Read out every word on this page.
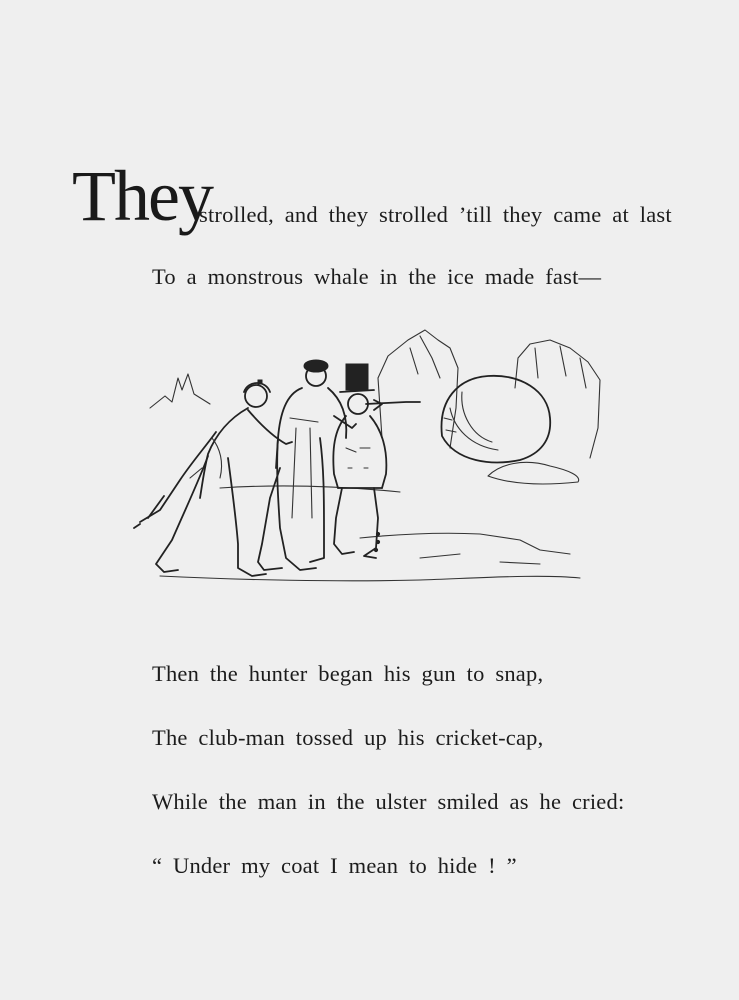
They
strolled, and they strolled ’till they came at last
To a monstrous whale in the ice made fast—
Then the hunter began his gun to snap,
The club-man tossed up his cricket-cap,
While the man in the ulster smiled as he cried:
“ Under my coat I mean to hide ! ”
